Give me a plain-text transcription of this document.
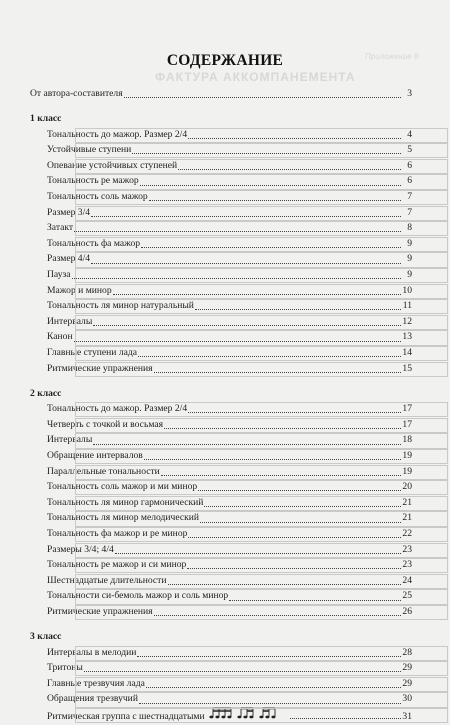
Приложение 8
ФАКТУРА АККОМПАНЕМЕНТА
СОДЕРЖАНИЕ
От автора-составителя	3
1 класс
Тональность до мажор. Размер 2/4	4
Устойчивые ступени	5
Опевание устойчивых ступеней	6
Тональность ре мажор	6
Тональность соль мажор	7
Размер 3/4	7
Затакт	8
Тональность фа мажор	9
Размер 4/4	9
Пауза	9
Мажор и минор	10
Тональность ля минор натуральный	11
Интервалы	12
Канон	13
Главные ступени лада	14
Ритмические упражнения	15
2 класс
Тональность до мажор. Размер 2/4	17
Четверть с точкой и восьмая	17
Интервалы	18
Обращение интервалов	19
Параллельные тональности	19
Тональность соль мажор и ми минор	20
Тональность ля минор гармонический	21
Тональность ля минор мелодический	21
Тональность фа мажор и ре минор	22
Размеры 3/4; 4/4	23
Тональность ре мажор и си минор	23
Шестнадцатые длительности	24
Тональности си-бемоль мажор и соль минор	25
Ритмические упражнения	26
3 класс
Интервалы в мелодии	28
Тритоны	29
Главные трезвучия лада	29
Обращения трезвучий	30
Ритмическая группа с шестнадцатыми	31
